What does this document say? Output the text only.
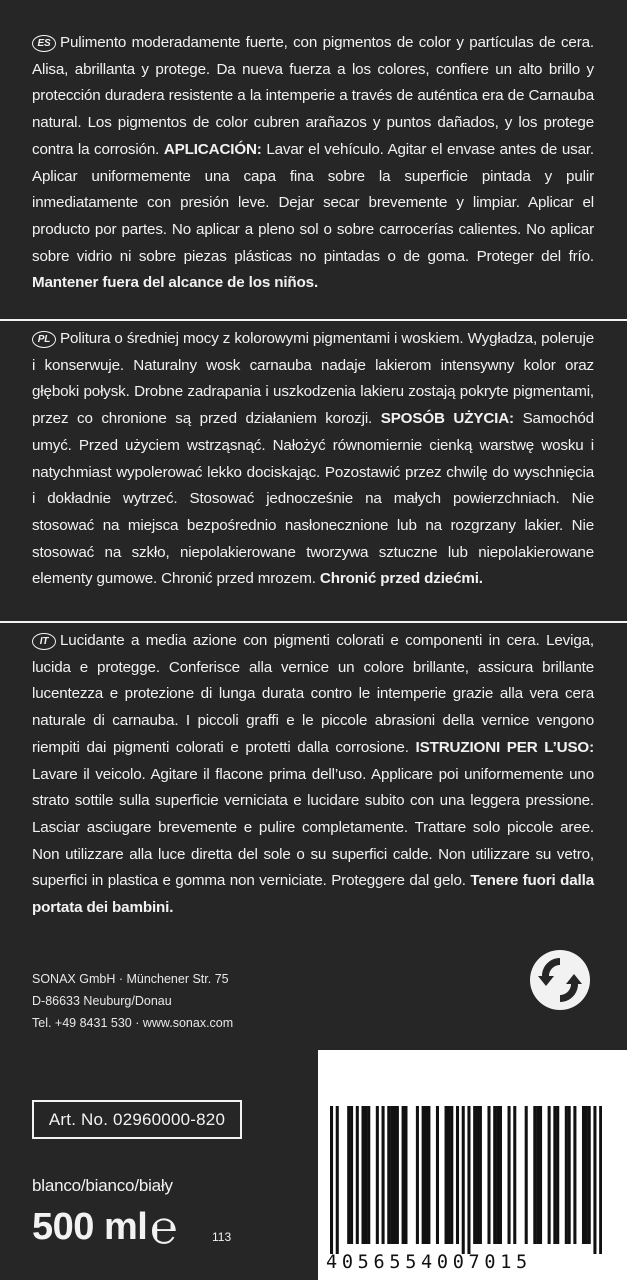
ES Pulimento moderadamente fuerte, con pigmentos de color y partículas de cera. Alisa, abrillanta y protege. Da nueva fuerza a los colores, confiere un alto brillo y protección duradera resistente a la intemperie a través de auténtica era de Carnauba natural. Los pigmentos de color cubren arañazos y puntos dañados, y los protege contra la corrosión. APLICACIÓN: Lavar el vehículo. Agitar el envase antes de usar. Aplicar uniformemente una capa fina sobre la superficie pintada y pulir inmediatamente con presión leve. Dejar secar brevemente y limpiar. Aplicar el producto por partes. No aplicar a pleno sol o sobre carrocerías calientes. No aplicar sobre vidrio ni sobre piezas plásticas no pintadas o de goma. Proteger del frío. Mantener fuera del alcance de los niños.

PL Politura o średniej mocy z kolorowymi pigmentami i woskiem. Wygładza, poleruje i konserwuje. Naturalny wosk carnauba nadaje lakierom intensywny kolor oraz głęboki połysk. Drobne zadrapania i uszkodzenia lakieru zostają pokryte pigmentami, przez co chronione są przed działaniem korozji. SPOSÓB UŻYCIA: Samochód umyć. Przed użyciem wstrząsnąć. Nałożyć równomiernie cienką warstwę wosku i natychmiast wypolerować lekko dociskając. Pozostawić przez chwilę do wyschnięcia i dokładnie wytrzeć. Stosować jednocześnie na małych powierzchniach. Nie stosować na miejsca bezpośrednio nasłonecznione lub na rozgrzany lakier. Nie stosować na szkło, niepolakierowane tworzywa sztuczne lub niepolakierowane elementy gumowe. Chronić przed mrozem. Chronić przed dziećmi.

IT Lucidante a media azione con pigmenti colorati e componenti in cera. Leviga, lucida e protegge. Conferisce alla vernice un colore brillante, assicura brillante lucentezza e protezione di lunga durata contro le intemperie grazie alla vera cera naturale di carnauba. I piccoli graffi e le piccole abrasioni della vernice vengono riempiti dai pigmenti colorati e protetti dalla corrosione. ISTRUZIONI PER L’USO: Lavare il veicolo. Agitare il flacone prima dell’uso. Applicare poi uniformemente uno strato sottile sulla superficie verniciata e lucidare subito con una leggera pressione. Lasciar asciugare brevemente e pulire completamente. Trattare solo piccole aree. Non utilizzare alla luce diretta del sole o su superfici calde. Non utilizzare su vetro, superfici in plastica e gomma non verniciate. Proteggere dal gelo. Tenere fuori dalla portata dei bambini.

SONAX GmbH · Münchener Str. 75
D-86633 Neuburg/Donau
Tel. +49 8431 530 · www.sonax.com
Art. No. 02960000-820
blanco/bianco/biały
500 ml ℮	113
4056554007015
